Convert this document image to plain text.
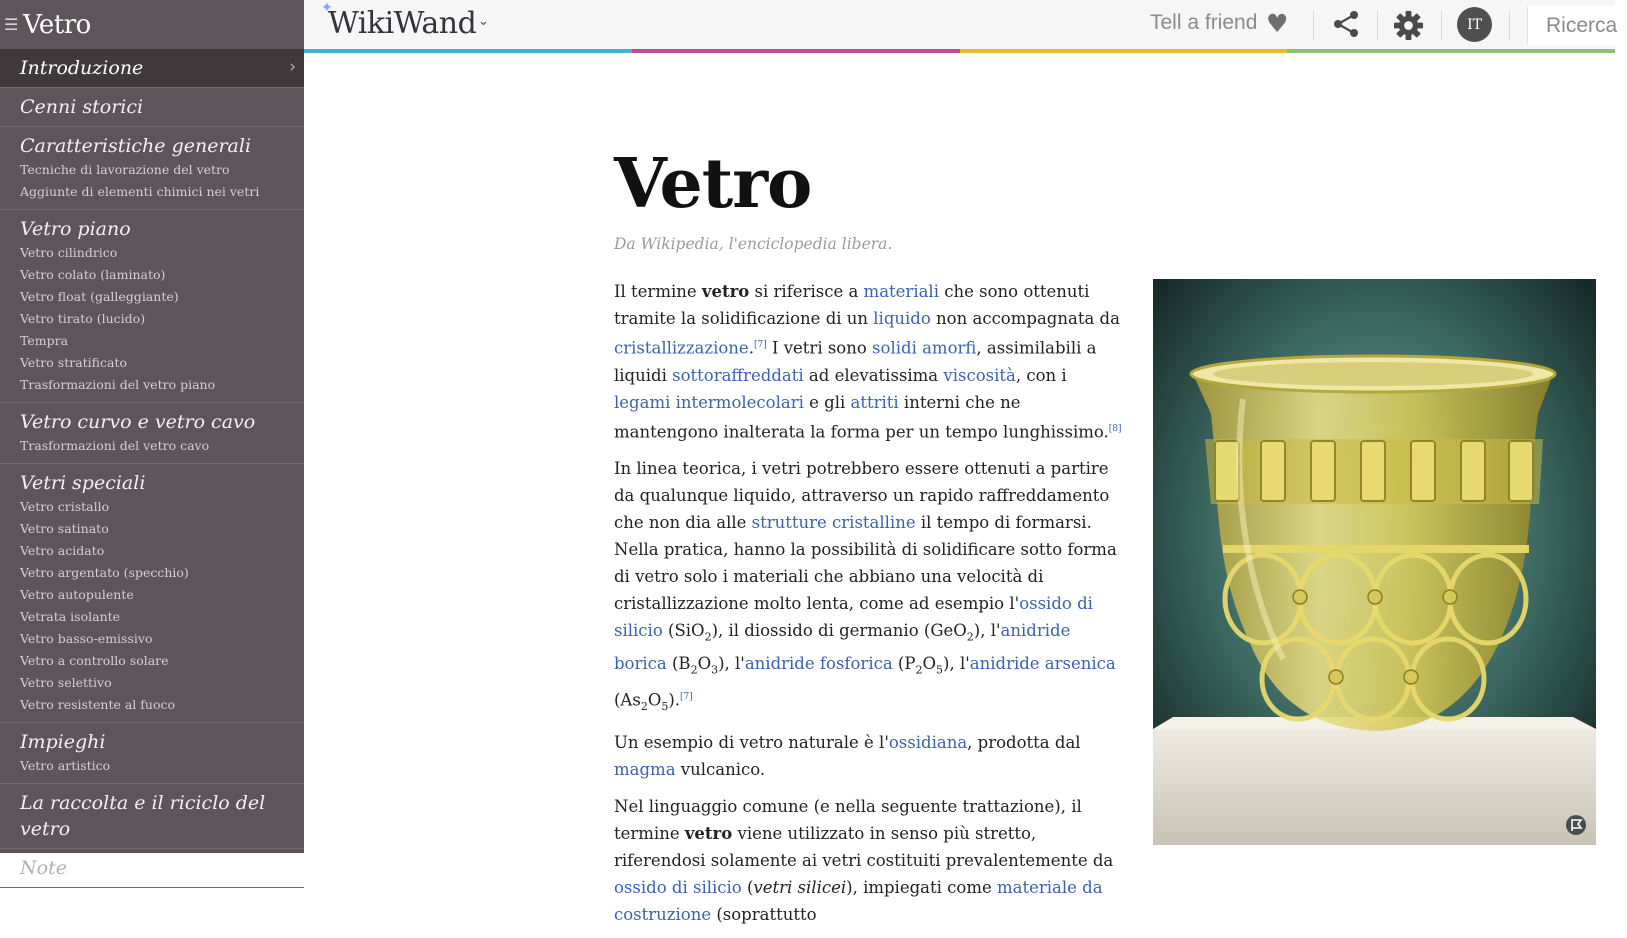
☰ Vetro
Introduzione	›
Cenni storici
Caratteristiche generali
Tecniche di lavorazione del vetro
Aggiunte di elementi chimici nei vetri
Vetro piano
Vetro cilindrico
Vetro colato (laminato)
Vetro float (galleggiante)
Vetro tirato (lucido)
Tempra
Vetro stratificato
Trasformazioni del vetro piano
Vetro curvo e vetro cavo
Trasformazioni del vetro cavo
Vetri speciali
Vetro cristallo
Vetro satinato
Vetro acidato
Vetro argentato (specchio)
Vetro autopulente
Vetrata isolante
Vetro basso-emissivo
Vetro a controllo solare
Vetro selettivo
Vetro resistente al fuoco
Impieghi
Vetro artistico
La raccolta e il riciclo del vetro
Note
✦
WikiWand ⌄	Tell a friend ♥	IT
Ricerca
Vetro
Da Wikipedia, l'enciclopedia libera.

Il termine vetro si riferisce a materiali che sono ottenuti tramite la solidificazione di un liquido non accompagnata da cristallizzazione.[7] I vetri sono solidi amorfi, assimilabili a liquidi sottoraffreddati ad elevatissima viscosità, con i legami intermolecolari e gli attriti interni che ne mantengono inalterata la forma per un tempo lunghissimo.[8]

In linea teorica, i vetri potrebbero essere ottenuti a partire da qualunque liquido, attraverso un rapido raffreddamento che non dia alle strutture cristalline il tempo di formarsi. Nella pratica, hanno la possibilità di solidificare sotto forma di vetro solo i materiali che abbiano una velocità di cristallizzazione molto lenta, come ad esempio l'ossido di silicio (SiO$_2$), il diossido di germanio (GeO$_2$), l'anidride borica $(B_2O_3)$, l'anidride fosforica $(P_2O_5)$, l'anidride arsenica $(As_2O_5).[7]$

Un esempio di vetro naturale è l'ossidiana, prodotta dal magma vulcanico.

Nel linguaggio comune (e nella seguente trattazione), il termine vetro viene utilizzato in senso più stretto, riferendosi solamente ai vetri costituiti prevalentemente da ossido di silicio (vetri silicei), impiegati come materiale da costruzione (soprattutto
